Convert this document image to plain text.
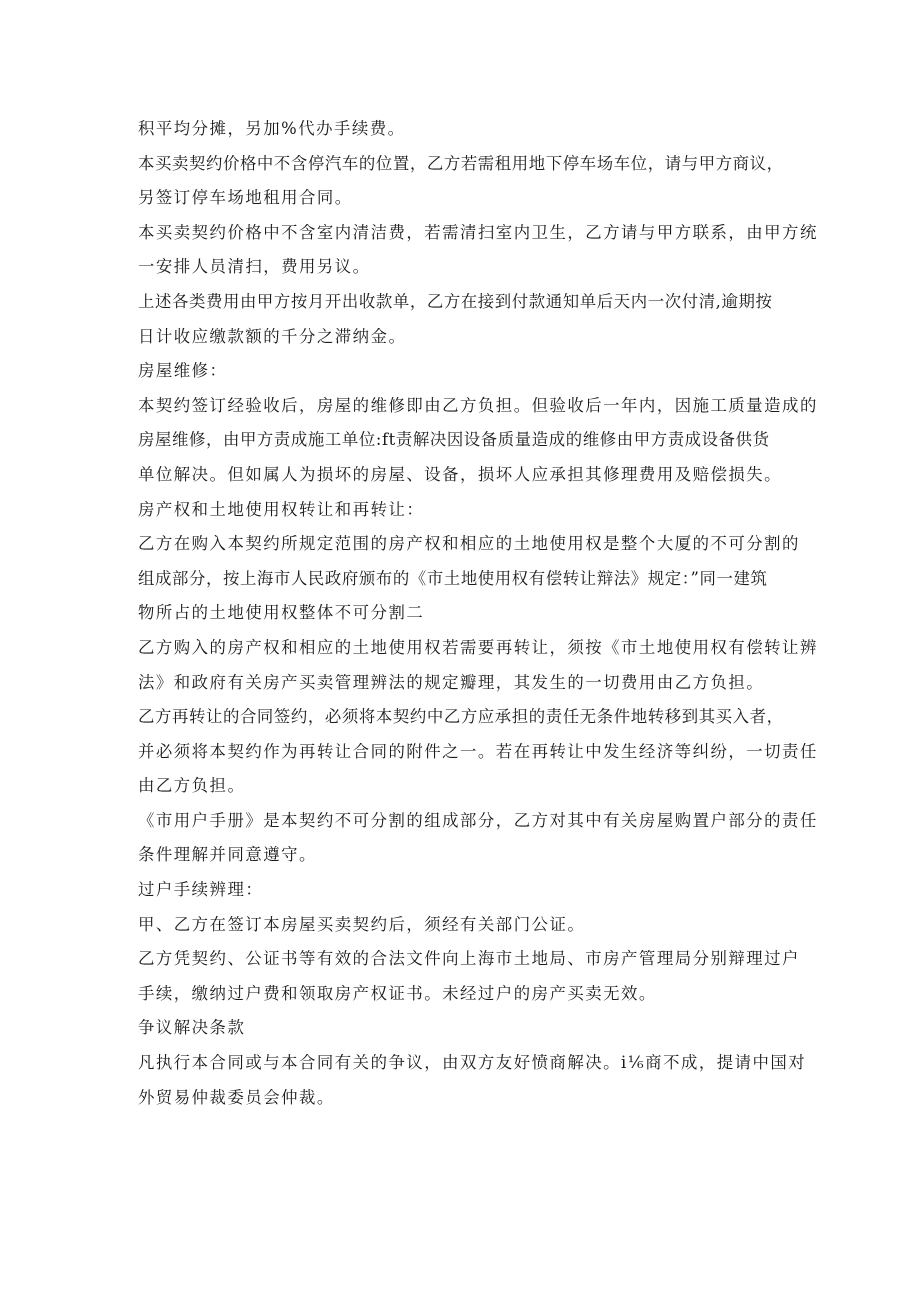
积平均分摊，另加%代办手续费。
本买卖契约价格中不含停汽车的位置，乙方若需租用地下停车场车位，请与甲方商议，
另签订停车场地租用合同。
本买卖契约价格中不含室内清洁费，若需清扫室内卫生，乙方请与甲方联系，由甲方统
一安排人员清扫，费用另议。
上述各类费用由甲方按月开出收款单，乙方在接到付款通知单后天内一次付清,逾期按
日计收应缴款额的千分之滞纳金。
房屋维修：
本契约签订经验收后，房屋的维修即由乙方负担。但验收后一年内，因施工质量造成的
房屋维修，由甲方责成施工单位:ft责解决因设备质量造成的维修由甲方责成设备供货
单位解决。但如属人为损坏的房屋、设备，损坏人应承担其修理费用及赔偿损失。
房产权和土地使用权转让和再转让：
乙方在购入本契约所规定范围的房产权和相应的土地使用权是整个大厦的不可分割的
组成部分，按上海市人民政府颁布的《市土地使用权有偿转让辩法》规定：”同一建筑
物所占的土地使用权整体不可分割二
乙方购入的房产权和相应的土地使用权若需要再转让，须按《市土地使用权有偿转让辨
法》和政府有关房产买卖管理辨法的规定瓣理，其发生的一切费用由乙方负担。
乙方再转让的合同签约，必须将本契约中乙方应承担的责任无条件地转移到其买入者，
并必须将本契约作为再转让合同的附件之一。若在再转让中发生经济等纠纷，一切责任
由乙方负担。
《市用户手册》是本契约不可分割的组成部分，乙方对其中有关房屋购置户部分的责任
条件理解并同意遵守。
过户手续辨理：
甲、乙方在签订本房屋买卖契约后，须经有关部门公证。
乙方凭契约、公证书等有效的合法文件向上海市土地局、市房产管理局分别辩理过户
手续，缴纳过户费和领取房产权证书。未经过户的房产买卖无效。
争议解决条款
凡执行本合同或与本合同有关的争议，由双方友好愤商解决。i⅙商不成，提请中国对
外贸易仲裁委员会仲裁。
